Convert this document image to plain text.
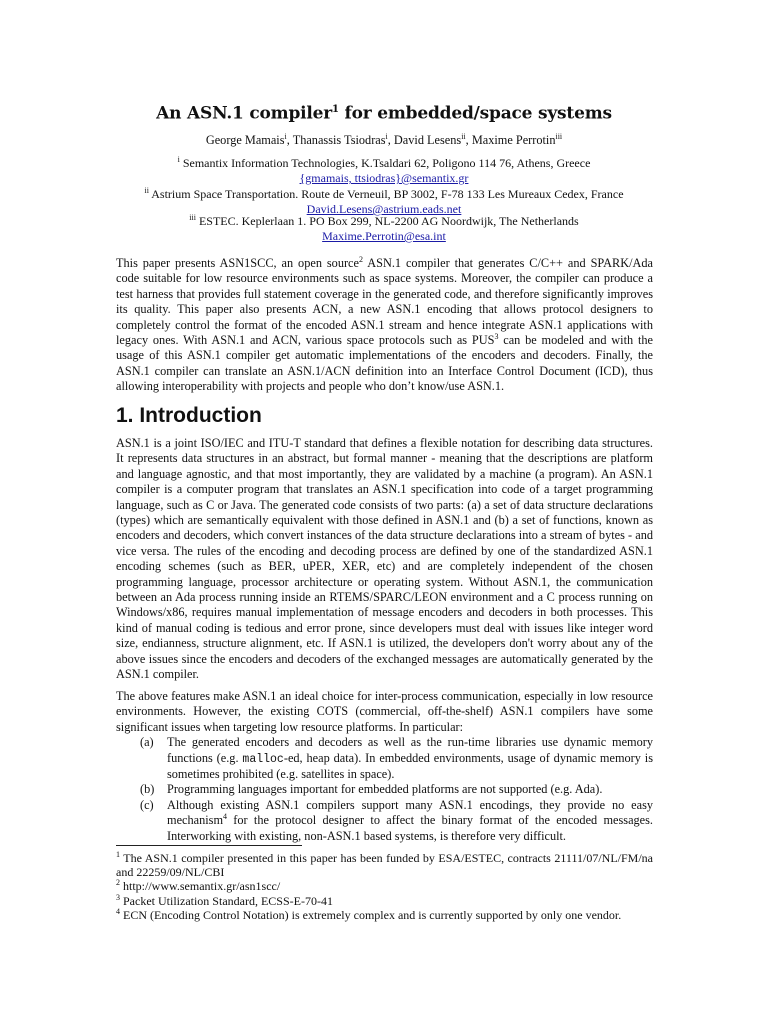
An ASN.1 compiler$^1$ for embedded/space systems
George Mamais$^i$, Thanassis Tsiodras$^i$, David Lesens$^{ii}$, Maxime Perrotin$^{iii}$
$^i$ Semantix Information Technologies, K.Tsaldari 62, Poligono 114 76, Athens, Greece
{gmamais, ttsiodras}@semantix.gr
$^{ii}$ Astrium Space Transportation. Route de Verneuil, BP 3002, F-78 133 Les Mureaux Cedex, France
David.Lesens@astrium.eads.net
$^{iii}$ ESTEC. Keplerlaan 1. PO Box 299, NL-2200 AG Noordwijk, The Netherlands
Maxime.Perrotin@esa.int
This paper presents ASN1SCC, an open source$^2$ ASN.1 compiler that generates C/C++ and SPARK/Ada code suitable for low resource environments such as space systems. Moreover, the compiler can produce a test harness that provides full statement coverage in the generated code, and therefore significantly improves its quality. This paper also presents ACN, a new ASN.1 encoding that allows protocol designers to completely control the format of the encoded ASN.1 stream and hence integrate ASN.1 applications with legacy ones. With ASN.1 and ACN, various space protocols such as PUS$^3$ can be modeled and with the usage of this ASN.1 compiler get automatic implementations of the encoders and decoders. Finally, the ASN.1 compiler can translate an ASN.1/ACN definition into an Interface Control Document (ICD), thus allowing interoperability with projects and people who don’t know/use ASN.1.
1. Introduction
ASN.1 is a joint ISO/IEC and ITU-T standard that defines a flexible notation for describing data structures. It represents data structures in an abstract, but formal manner - meaning that the descriptions are platform and language agnostic, and that most importantly, they are validated by a machine (a program). An ASN.1 compiler is a computer program that translates an ASN.1 specification into code of a target programming language, such as C or Java. The generated code consists of two parts: (a) a set of data structure declarations (types) which are semantically equivalent with those defined in ASN.1 and (b) a set of functions, known as encoders and decoders, which convert instances of the data structure declarations into a stream of bytes - and vice versa. The rules of the encoding and decoding process are defined by one of the standardized ASN.1 encoding schemes (such as BER, uPER, XER, etc) and are completely independent of the chosen programming language, processor architecture or operating system. Without ASN.1, the communication between an Ada process running inside an RTEMS/SPARC/LEON environment and a C process running on Windows/x86, requires manual implementation of message encoders and decoders in both processes. This kind of manual coding is tedious and error prone, since developers must deal with issues like integer word size, endianness, structure alignment, etc. If ASN.1 is utilized, the developers don't worry about any of the above issues since the encoders and decoders of the exchanged messages are automatically generated by the ASN.1 compiler.

The above features make ASN.1 an ideal choice for inter-process communication, especially in low resource environments. However, the existing COTS (commercial, off-the-shelf) ASN.1 compilers have some significant issues when targeting low resource platforms. In particular:

(a) The generated encoders and decoders as well as the run-time libraries use dynamic memory functions (e.g. malloc-ed, heap data). In embedded environments, usage of dynamic memory is sometimes prohibited (e.g. satellites in space).
(b) Programming languages important for embedded platforms are not supported (e.g. Ada).
(c) Although existing ASN.1 compilers support many ASN.1 encodings, they provide no easy mechanism$^4$ for the protocol designer to affect the binary format of the encoded messages. Interworking with existing, non-ASN.1 based systems, is therefore very difficult.

$^1$ The ASN.1 compiler presented in this paper has been funded by ESA/ESTEC, contracts 21111/07/NL/FM/na and 22259/09/NL/CBI

$^2$ http://www.semantix.gr/asn1scc/

$^3$ Packet Utilization Standard, ECSS-E-70-41

$^4$ ECN (Encoding Control Notation) is extremely complex and is currently supported by only one vendor.
